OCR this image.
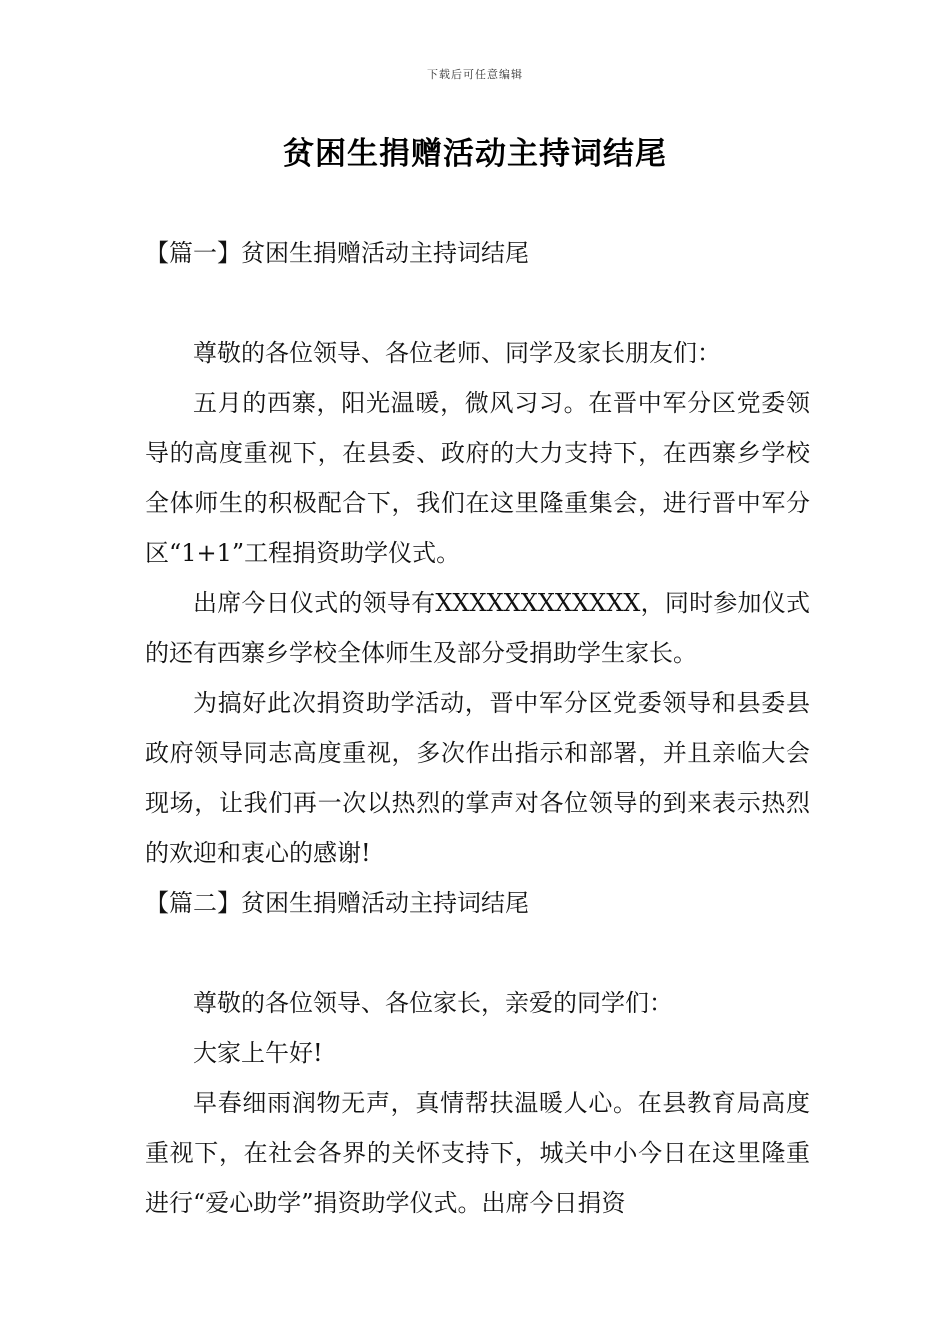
下载后可任意编辑
贫困生捐赠活动主持词结尾

【篇一】贫困生捐赠活动主持词结尾

尊敬的各位领导、各位老师、同学及家长朋友们：

五月的西寨，阳光温暖，微风习习。在晋中军分区党委领导的高度重视下，在县委、政府的大力支持下，在西寨乡学校全体师生的积极配合下，我们在这里隆重集会，进行晋中军分区“1+1”工程捐资助学仪式。

出席今日仪式的领导有XXXXXXXXXXXX，同时参加仪式的还有西寨乡学校全体师生及部分受捐助学生家长。

为搞好此次捐资助学活动，晋中军分区党委领导和县委县政府领导同志高度重视，多次作出指示和部署，并且亲临大会现场，让我们再一次以热烈的掌声对各位领导的到来表示热烈的欢迎和衷心的感谢!

【篇二】贫困生捐赠活动主持词结尾

尊敬的各位领导、各位家长，亲爱的同学们：

大家上午好!

早春细雨润物无声，真情帮扶温暖人心。在县教育局高度重视下，在社会各界的关怀支持下，城关中小今日在这里隆重进行“爱心助学”捐资助学仪式。出席今日捐资
